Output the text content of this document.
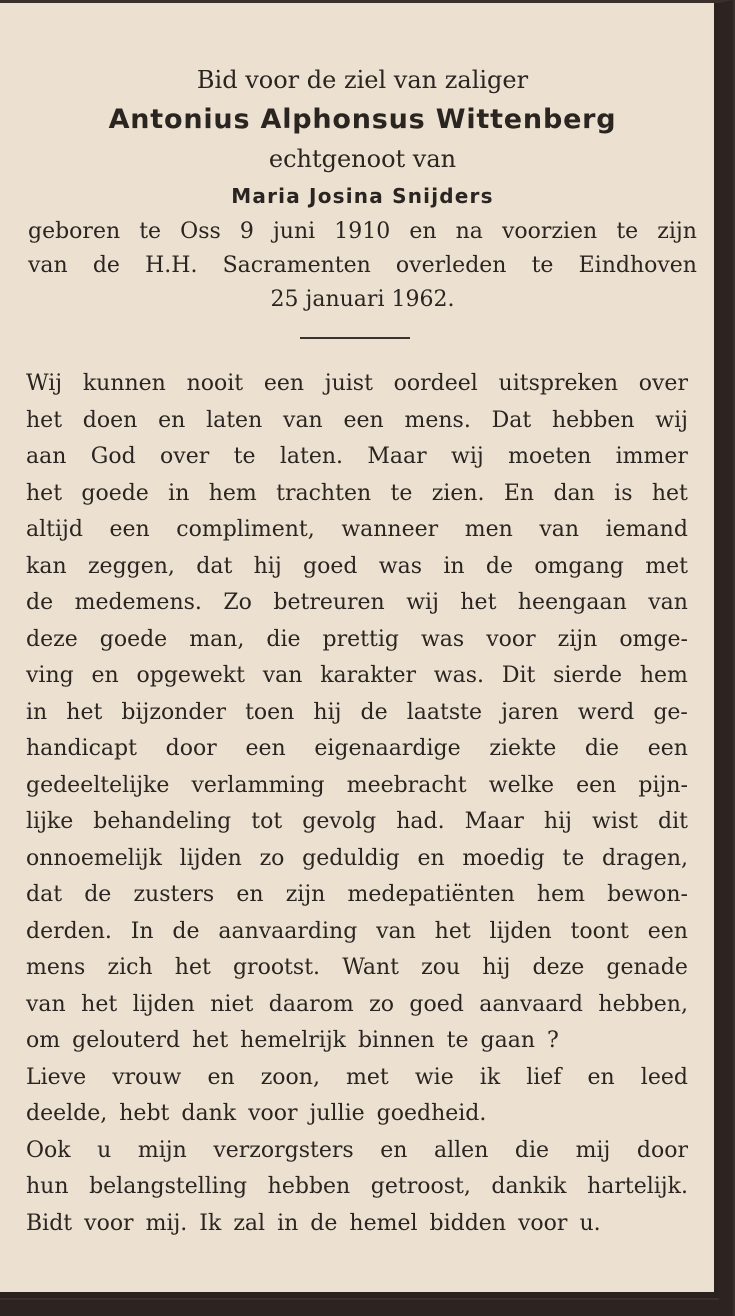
Bid voor de ziel van zaliger
Antonius Alphonsus Wittenberg
echtgenoot van
Maria Josina Snijders
geboren te Oss 9 juni 1910 en na voorzien te zijn
van de H.H. Sacramenten overleden te Eindhoven
25 januari 1962.
Wij kunnen nooit een juist oordeel uitspreken over
het doen en laten van een mens. Dat hebben wij
aan God over te laten. Maar wij moeten immer
het goede in hem trachten te zien. En dan is het
altijd een compliment, wanneer men van iemand
kan zeggen, dat hij goed was in de omgang met
de medemens. Zo betreuren wij het heengaan van
deze goede man, die prettig was voor zijn omge-
ving en opgewekt van karakter was. Dit sierde hem
in het bijzonder toen hij de laatste jaren werd ge-
handicapt door een eigenaardige ziekte die een
gedeeltelijke verlamming meebracht welke een pijn-
lijke behandeling tot gevolg had. Maar hij wist dit
onnoemelijk lijden zo geduldig en moedig te dragen,
dat de zusters en zijn medepatiënten hem bewon-
derden. In de aanvaarding van het lijden toont een
mens zich het grootst. Want zou hij deze genade
van het lijden niet daarom zo goed aanvaard hebben,
om gelouterd het hemelrijk binnen te gaan ?
Lieve vrouw en zoon, met wie ik lief en leed
deelde, hebt dank voor jullie goedheid.
Ook u mijn verzorgsters en allen die mij door
hun belangstelling hebben getroost, dankik hartelijk.
Bidt voor mij. Ik zal in de hemel bidden voor u.
